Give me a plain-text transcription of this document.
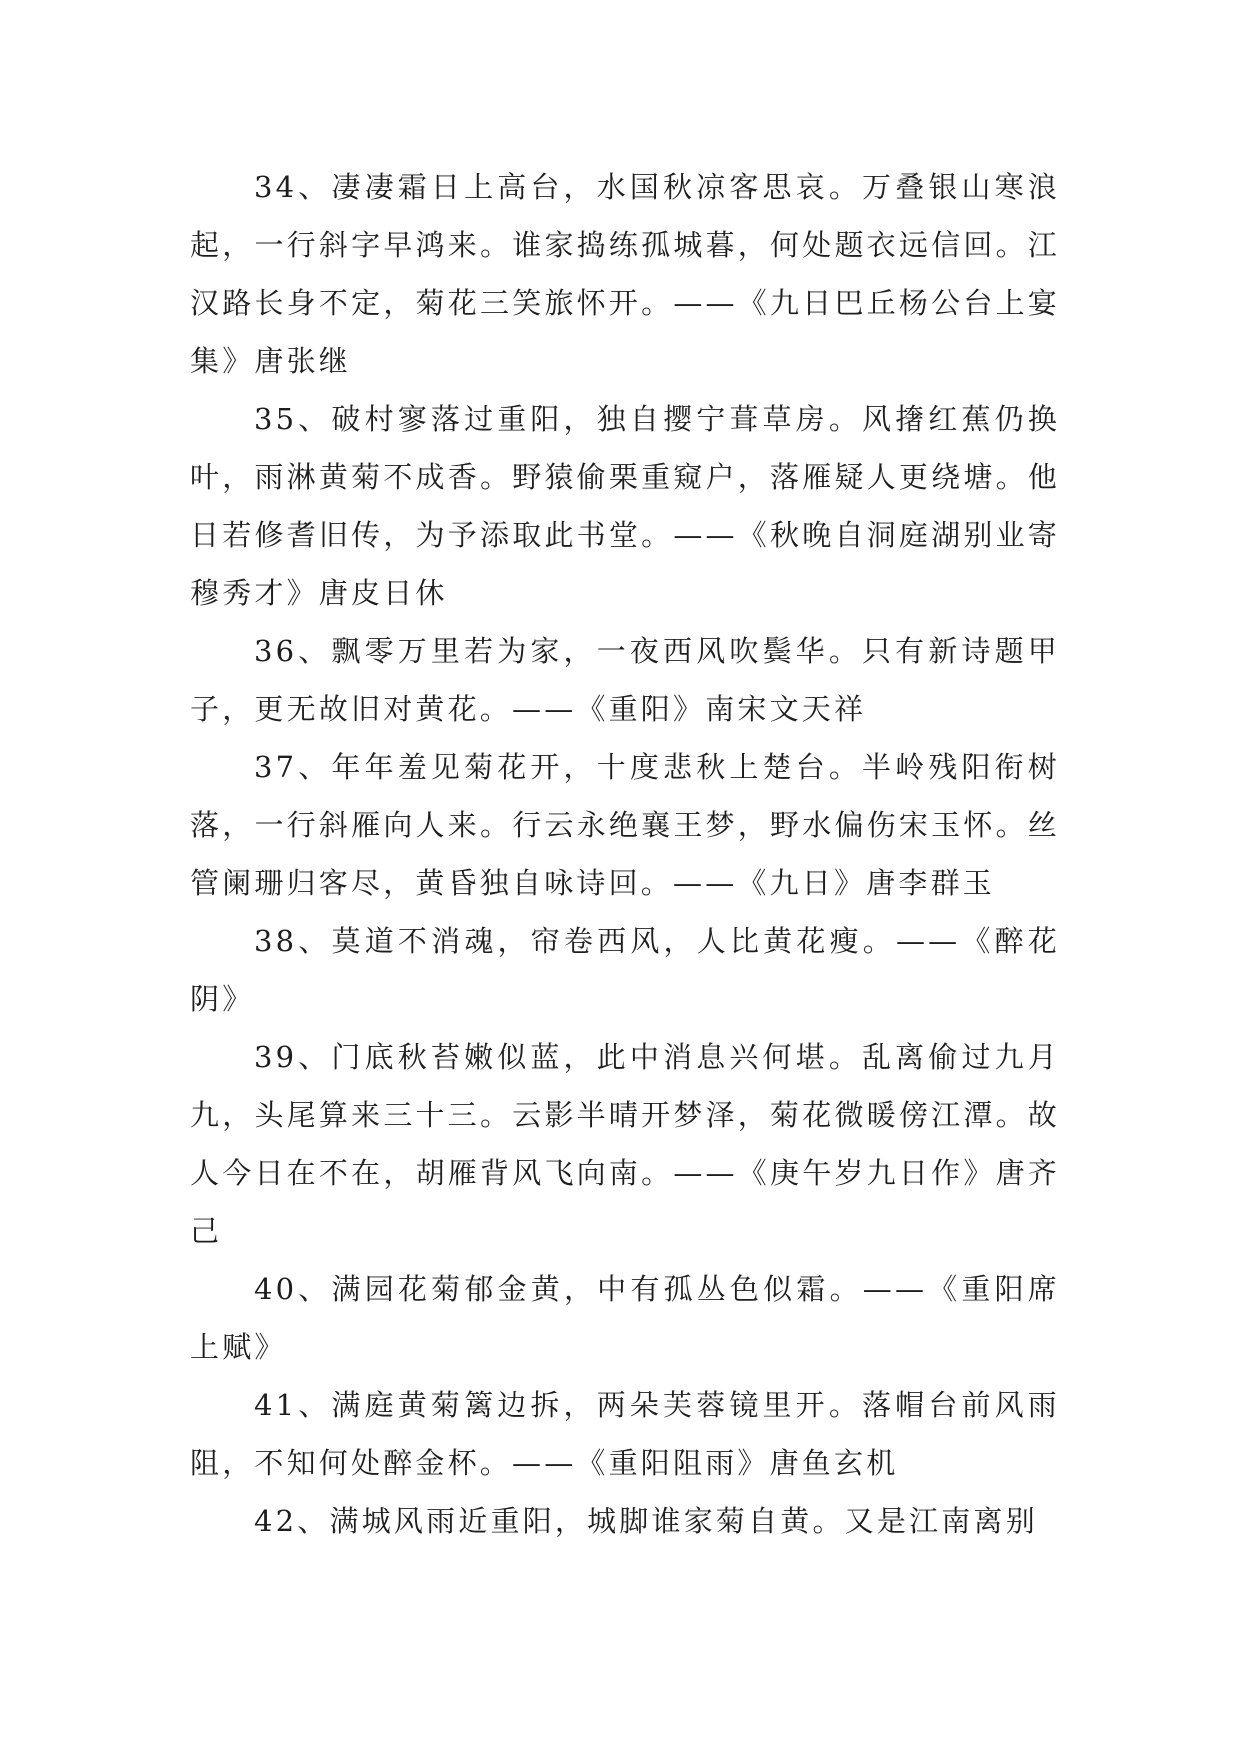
34、凄凄霜日上高台，水国秋凉客思哀。万叠银山寒浪起，一行斜字早鸿来。谁家捣练孤城暮，何处题衣远信回。江汉路长身不定，菊花三笑旅怀开。——《九日巴丘杨公台上宴集》唐张继

35、破村寥落过重阳，独自撄宁葺草房。风撦红蕉仍换叶，雨淋黄菊不成香。野猿偷栗重窥户，落雁疑人更绕塘。他日若修耆旧传，为予添取此书堂。——《秋晚自洞庭湖别业寄穆秀才》唐皮日休

36、飘零万里若为家，一夜西风吹鬓华。只有新诗题甲子，更无故旧对黄花。——《重阳》南宋文天祥

37、年年羞见菊花开，十度悲秋上楚台。半岭残阳衔树落，一行斜雁向人来。行云永绝襄王梦，野水偏伤宋玉怀。丝管阑珊归客尽，黄昏独自咏诗回。——《九日》唐李群玉

38、莫道不消魂，帘卷西风，人比黄花瘦。——《醉花阴》

39、门底秋苔嫩似蓝，此中消息兴何堪。乱离偷过九月九，头尾算来三十三。云影半晴开梦泽，菊花微暖傍江潭。故人今日在不在，胡雁背风飞向南。——《庚午岁九日作》唐齐己

40、满园花菊郁金黄，中有孤丛色似霜。——《重阳席上赋》

41、满庭黄菊篱边拆，两朵芙蓉镜里开。落帽台前风雨阻，不知何处醉金杯。——《重阳阻雨》唐鱼玄机

42、满城风雨近重阳，城脚谁家菊自黄。又是江南离别
